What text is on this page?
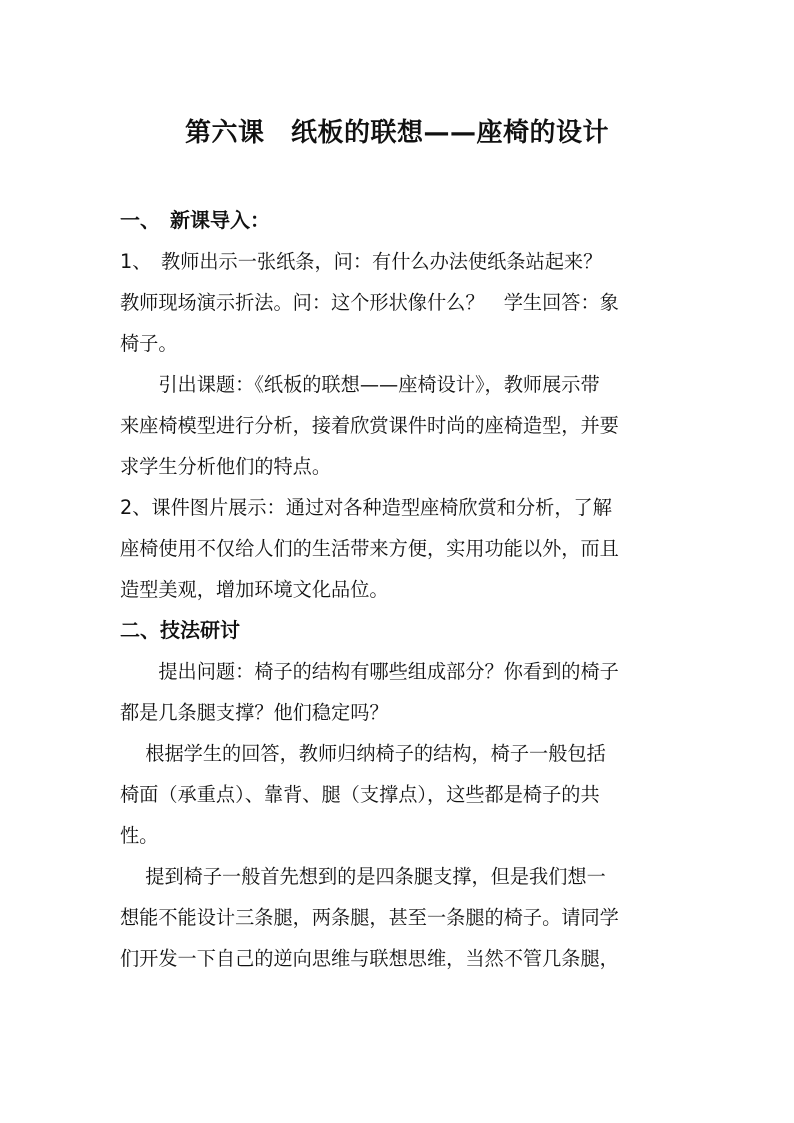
第六课　纸板的联想——座椅的设计
一、　新课导入：
1、　教师出示一张纸条，问：有什么办法使纸条站起来？
教师现场演示折法。问：这个形状像什么？　学生回答：象
椅子。
　　引出课题：《纸板的联想——座椅设计》，教师展示带
来座椅模型进行分析，接着欣赏课件时尚的座椅造型，并要
求学生分析他们的特点。
2、课件图片展示：通过对各种造型座椅欣赏和分析，了解
座椅使用不仅给人们的生活带来方便，实用功能以外，而且
造型美观，增加环境文化品位。
二、技法研讨
　　提出问题：椅子的结构有哪些组成部分？你看到的椅子
都是几条腿支撑？他们稳定吗？
　 根据学生的回答，教师归纳椅子的结构，椅子一般包括
椅面（承重点）、靠背、腿（支撑点），这些都是椅子的共
性。
　 提到椅子一般首先想到的是四条腿支撑，但是我们想一
想能不能设计三条腿，两条腿，甚至一条腿的椅子。请同学
们开发一下自己的逆向思维与联想思维，当然不管几条腿，
